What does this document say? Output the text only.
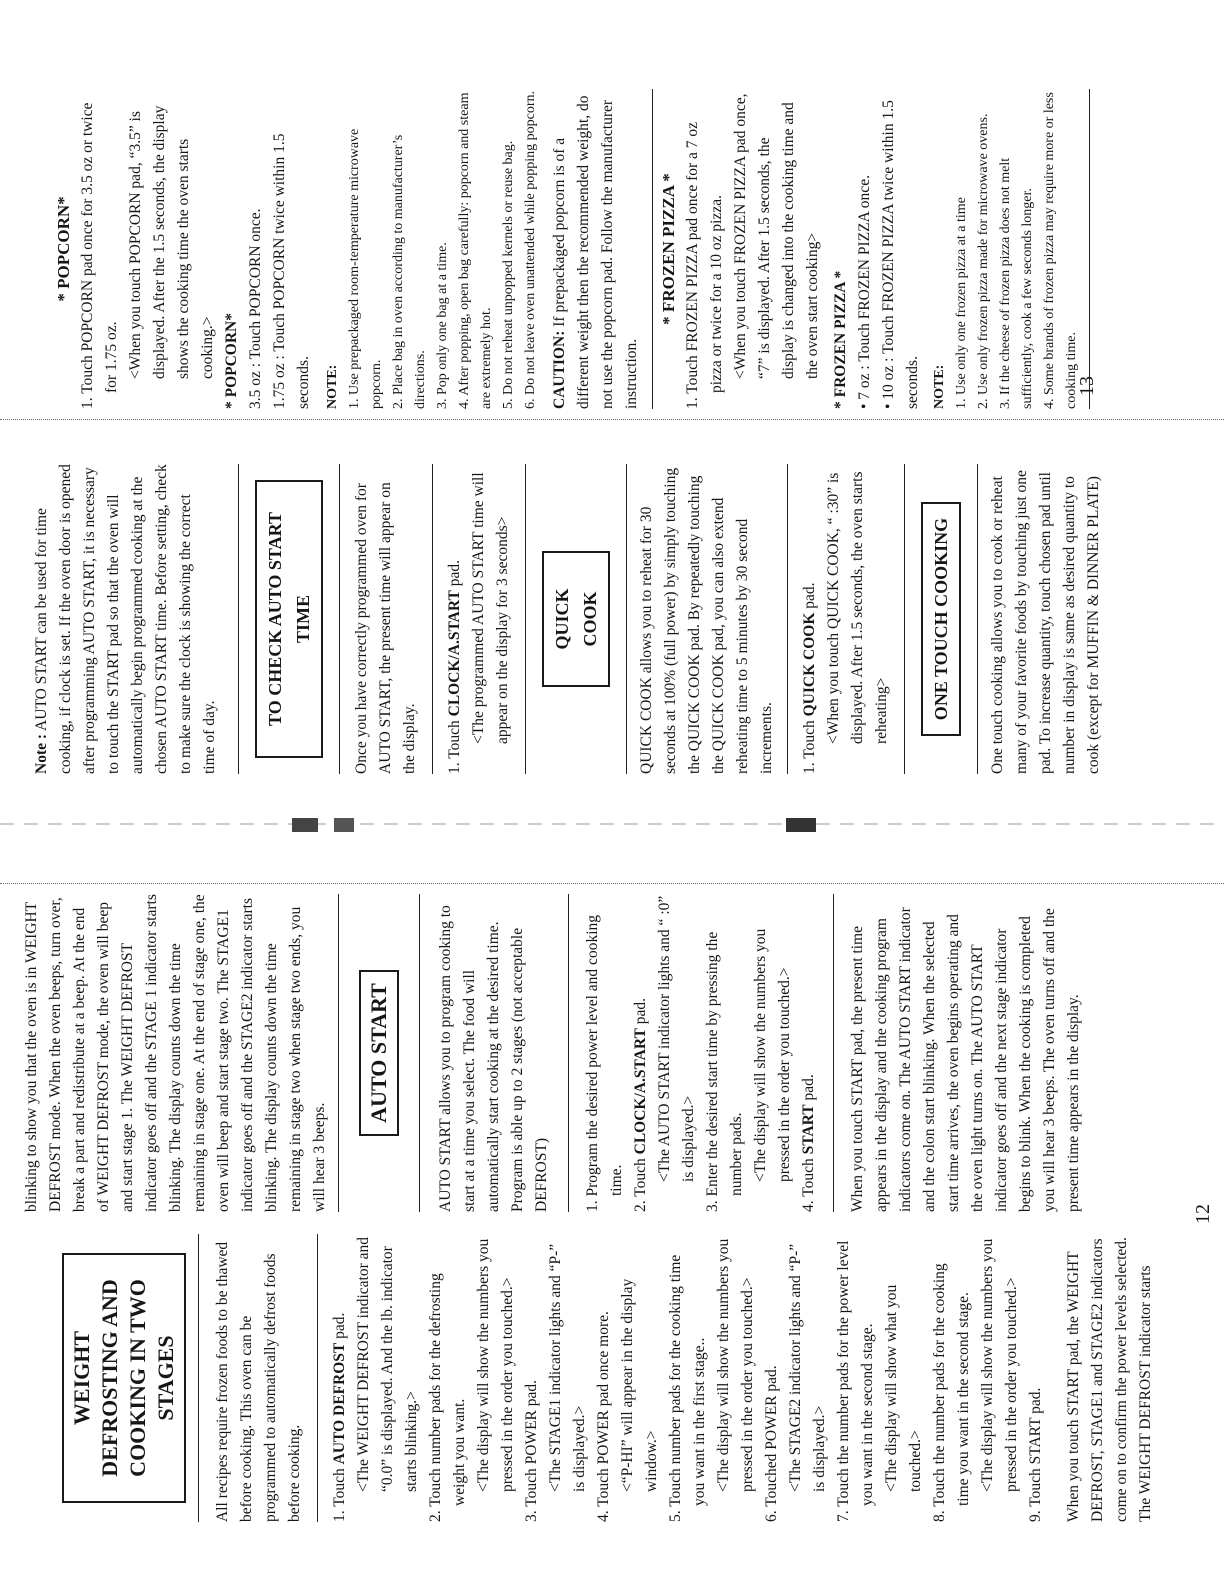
WEIGHT DEFROSTING AND COOKING IN TWO STAGES All recipes require frozen foods to be thawed before cooking. This oven can be programmed to automatically defrost foods before cooking. 1. Touch AUTO DEFROST pad. <The WEIGHT DEFROST indicator and “0.0” is displayed. And the lb. indicator starts blinking.>
2. Touch number pads for the defrosting weight you want. <The display will show the numbers you pressed in the order you touched.>
3. Touch POWER pad. <The STAGE1 indicator lights and “P-” is displayed.>
4. Touch POWER pad once more. <“P-HI” will appear in the display window.>
5. Touch number pads for the cooking time you want in the first stage.. <The display will show the numbers you pressed in the order you touched.>
6. Touched POWER pad. <The STAGE2 indicator lights and “P-” is displayed.>
7. Touch the number pads for the power level you want in the second stage. <The display will show what you touched.>
8. Touch the number pads for the cooking time you want in the second stage. <The display will show the numbers you pressed in the order you touched.>
9. Touch START pad. When you touch START pad, the WEIGHT DEFROST, STAGE1 and STAGE2 indicators come on to confirm the power levels selected. The WEIGHT DEFROST indicator starts

blinking to show you that the oven is in WEIGHT DEFROST mode. When the oven beeps, turn over, break a part and redistribute at a beep. At the end of WEIGHT DEFROST mode, the oven will beep and start stage 1. The WEIGHT DEFROST indicator goes off and the STAGE 1 indicator starts blinking. The display counts down the time remaining in stage one. At the end of stage one, the oven will beep and start stage two. The STAGE1 indicator goes off and the STAGE2 indicator starts blinking. The display counts down the time remaining in stage two when stage two ends, you will hear 3 beeps.

AUTO START	AUTO START allows you to program cooking to start at a time you select. The food will automatically start cooking at the desired time. Program is able up to 2 stages (not acceptable DEFROST) 1. Program the desired power level and cooking time.
2. Touch CLOCK/A.START pad. <The AUTO START indicator lights and “ :0” is displayed.>
3. Enter the desired start time by pressing the number pads. <The display will show the numbers you pressed in the order you touched.>
4. Touch START pad. When you touch START pad, the present time appears in the display and the cooking program indicators come on. The AUTO START indicator and the colon start blinking. When the selected start time arrives, the oven begins operating and the oven light turns on. The AUTO START indicator goes off and the next stage indicator begins to blink. When the cooking is completed you will hear 3 beeps. The oven turns off and the present time appears in the display.

12

Note : AUTO START can be used for time cooking, if clock is set. If the oven door is opened after programming AUTO START, it is necessary to touch the START pad so that the oven will automatically begin programmed cooking at the chosen AUTO START time. Before setting, check to make sure the clock is showing the correct time of day.

TO CHECK AUTO START TIME	Once you have correctly programmed oven for AUTO START, the present time will appear on the display. 1. Touch CLOCK/A.START pad. <The programmed AUTO START time will appear on the display for 3 seconds>	QUICK COOK	QUICK COOK allows you to reheat for 30 seconds at 100% (full power) by simply touching the QUICK COOK pad. By repeatedly touching the QUICK COOK pad, you can also extend reheating time to 5 minutes by 30 second increments. 1. Touch QUICK COOK pad. <When you touch QUICK COOK, “ :30” is displayed. After 1.5 seconds, the oven starts reheating>	ONE TOUCH COOKING	One touch cooking allows you to cook or reheat many of your favorite foods by touching just one pad. To increase quantity, touch chosen pad until number in display is same as desired quantity to cook (except for MUFFIN & DINNER PLATE)

13
* POPCORN*
1. Touch POPCORN pad once for 3.5 oz or twice for 1.75 oz. <When you touch POPCORN pad, “3.5” is displayed. After the 1.5 seconds, the display shows the cooking time the oven starts cooking.> * POPCORN* 3.5 oz : Touch POPCORN once. 1.75 oz : Touch POPCORN twice within 1.5 seconds. NOTE: 1. Use prepackaged room-temperature microwave popcorn. 2. Place bag in oven according to manufacturer’s directions. 3. Pop only one bag at a time. 4. After popping, open bag carefully: popcorn and steam are extremely hot. 5. Do not reheat unpopped kernels or reuse bag. 6. Do not leave oven unattended while popping popcorn. CAUTION: If prepackaged popcorn is of a different weight then the recommended weight, do not use the popcorn pad. Follow the manufacturer instruction.

* FROZEN PIZZA *
1. Touch FROZEN PIZZA pad once for a 7 oz pizza or twice for a 10 oz pizza. <When you touch FROZEN PIZZA pad once, “7” is displayed. After 1.5 seconds, the display is changed into the cooking time and the oven start cooking> * FROZEN PIZZA * • 7 oz : Touch FROZEN PIZZA once. • 10 oz : Touch FROZEN PIZZA twice within 1.5 seconds. NOTE: 1. Use only one frozen pizza at a time 2. Use only frozen pizza made for microwave ovens. 3. If the cheese of frozen pizza does not melt sufficiently, cook a few seconds longer. 4. Some brands of frozen pizza may require more or less cooking time.
